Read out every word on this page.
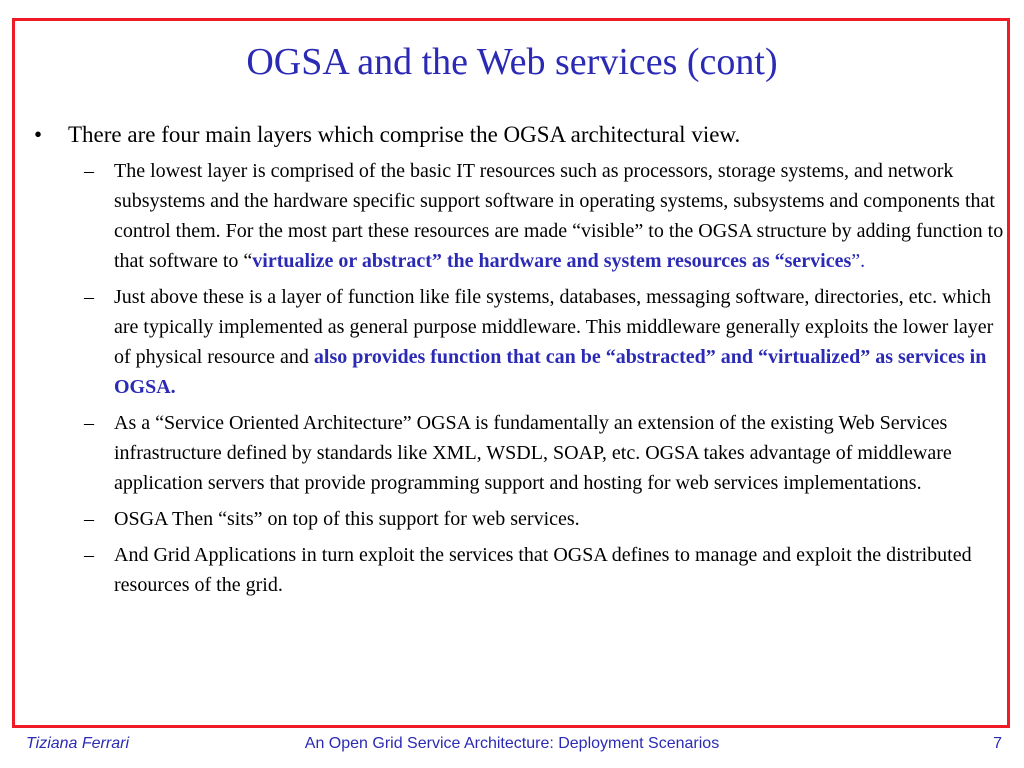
OGSA and the Web services (cont)
•	There are four main layers which comprise the OGSA architectural view.
–	The lowest layer is comprised of the basic IT resources such as processors, storage systems, and network subsystems and the hardware specific support software in operating systems, subsystems and components that control them. For the most part these resources are made “visible” to the OGSA structure by adding function to that software to “virtualize or abstract” the hardware and system resources as “services”.
–	Just above these is a layer of function like file systems, databases, messaging software, directories, etc. which are typically implemented as general purpose middleware. This middleware generally exploits the lower layer of physical resource and also provides function that can be “abstracted” and “virtualized” as services in OGSA.
–	As a “Service Oriented Architecture” OGSA is fundamentally an extension of the existing Web Services infrastructure defined by standards like XML, WSDL, SOAP, etc. OGSA takes advantage of middleware application servers that provide programming support and hosting for web services implementations.
–	OSGA Then “sits” on top of this support for web services.
–	And Grid Applications in turn exploit the services that OGSA defines to manage and exploit the distributed resources of the grid.
Tiziana Ferrari	An Open Grid Service Architecture: Deployment Scenarios	7
